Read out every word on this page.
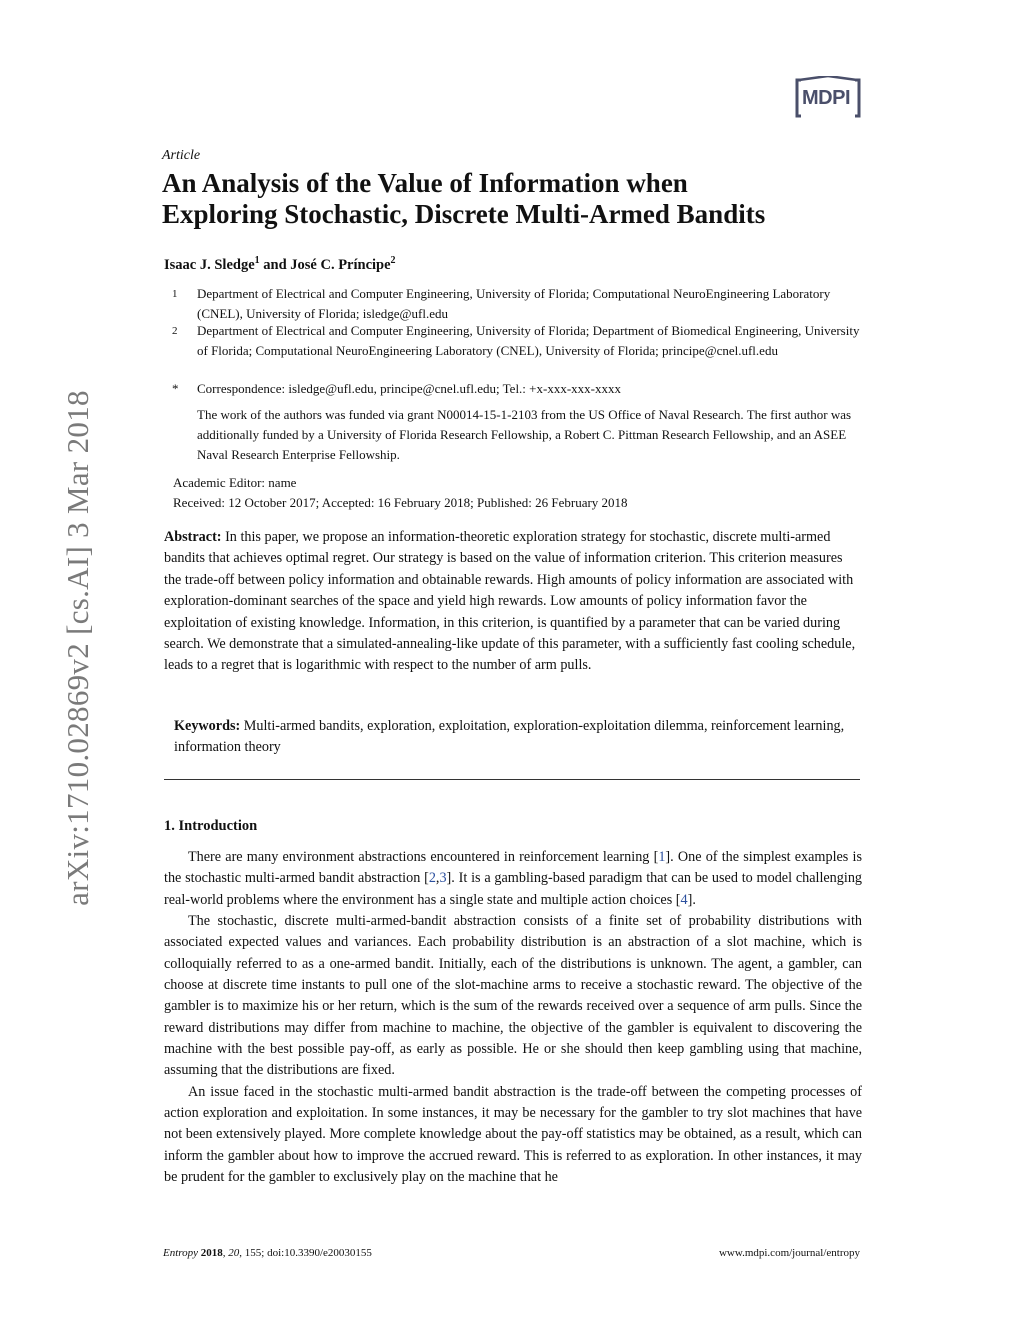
arXiv:1710.02869v2 [cs.AI] 3 Mar 2018
MDPI
Article
An Analysis of the Value of Information when
Exploring Stochastic, Discrete Multi-Armed Bandits
Isaac J. Sledge$^1$ and José C. Príncipe$^2$
1 Department of Electrical and Computer Engineering, University of Florida; Computational NeuroEngineering Laboratory (CNEL), University of Florida; isledge@ufl.edu
2 Department of Electrical and Computer Engineering, University of Florida; Department of Biomedical Engineering, University of Florida; Computational NeuroEngineering Laboratory (CNEL), University of Florida; principe@cnel.ufl.edu
* Correspondence: isledge@ufl.edu, principe@cnel.ufl.edu; Tel.: +x-xxx-xxx-xxxx
The work of the authors was funded via grant N00014-15-1-2103 from the US Office of Naval Research. The first author was additionally funded by a University of Florida Research Fellowship, a Robert C. Pittman Research Fellowship, and an ASEE Naval Research Enterprise Fellowship.
Academic Editor: name
Received: 12 October 2017; Accepted: 16 February 2018; Published: 26 February 2018
Abstract: In this paper, we propose an information-theoretic exploration strategy for stochastic, discrete multi-armed bandits that achieves optimal regret. Our strategy is based on the value of information criterion. This criterion measures the trade-off between policy information and obtainable rewards. High amounts of policy information are associated with exploration-dominant searches of the space and yield high rewards. Low amounts of policy information favor the exploitation of existing knowledge. Information, in this criterion, is quantified by a parameter that can be varied during search. We demonstrate that a simulated-annealing-like update of this parameter, with a sufficiently fast cooling schedule, leads to a regret that is logarithmic with respect to the number of arm pulls.
Keywords: Multi-armed bandits, exploration, exploitation, exploration-exploitation dilemma, reinforcement learning, information theory
1. Introduction

There are many environment abstractions encountered in reinforcement learning [1]. One of the simplest examples is the stochastic multi-armed bandit abstraction [2,3]. It is a gambling-based paradigm that can be used to model challenging real-world problems where the environment has a single state and multiple action choices [4].

The stochastic, discrete multi-armed-bandit abstraction consists of a finite set of probability distributions with associated expected values and variances. Each probability distribution is an abstraction of a slot machine, which is colloquially referred to as a one-armed bandit. Initially, each of the distributions is unknown. The agent, a gambler, can choose at discrete time instants to pull one of the slot-machine arms to receive a stochastic reward. The objective of the gambler is to maximize his or her return, which is the sum of the rewards received over a sequence of arm pulls. Since the reward distributions may differ from machine to machine, the objective of the gambler is equivalent to discovering the machine with the best possible pay-off, as early as possible. He or she should then keep gambling using that machine, assuming that the distributions are fixed.

An issue faced in the stochastic multi-armed bandit abstraction is the trade-off between the competing processes of action exploration and exploitation. In some instances, it may be necessary for the gambler to try slot machines that have not been extensively played. More complete knowledge about the pay-off statistics may be obtained, as a result, which can inform the gambler about how to improve the accrued reward. This is referred to as exploration. In other instances, it may be prudent for the gambler to exclusively play on the machine that he

Entropy 2018, 20, 155; doi:10.3390/e20030155	www.mdpi.com/journal/entropy
